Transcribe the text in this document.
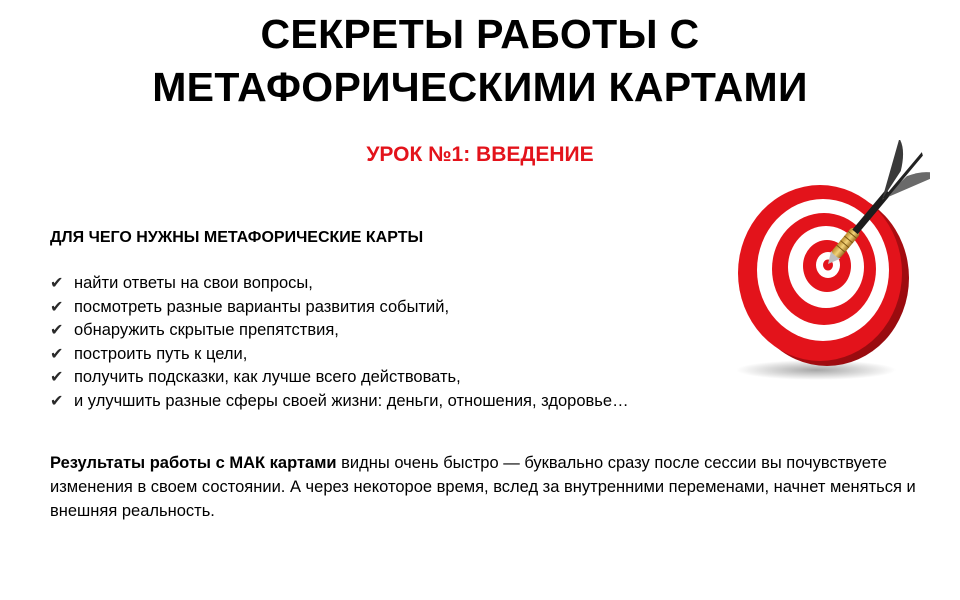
СЕКРЕТЫ РАБОТЫ С
МЕТАФОРИЧЕСКИМИ КАРТАМИ
УРОК №1: ВВЕДЕНИЕ
ДЛЯ ЧЕГО НУЖНЫ МЕТАФОРИЧЕСКИЕ КАРТЫ
✔ найти ответы на свои вопросы,
✔ посмотреть разные варианты развития событий,
✔ обнаружить скрытые препятствия,
✔ построить путь к цели,
✔ получить подсказки, как лучше всего действовать,
✔ и улучшить разные сферы своей жизни: деньги, отношения, здоровье…
Результаты работы с МАК картами видны очень быстро — буквально сразу после сессии вы почувствуете изменения в своем состоянии. А через некоторое время, вслед за внутренними переменами, начнет меняться и внешняя реальность.
